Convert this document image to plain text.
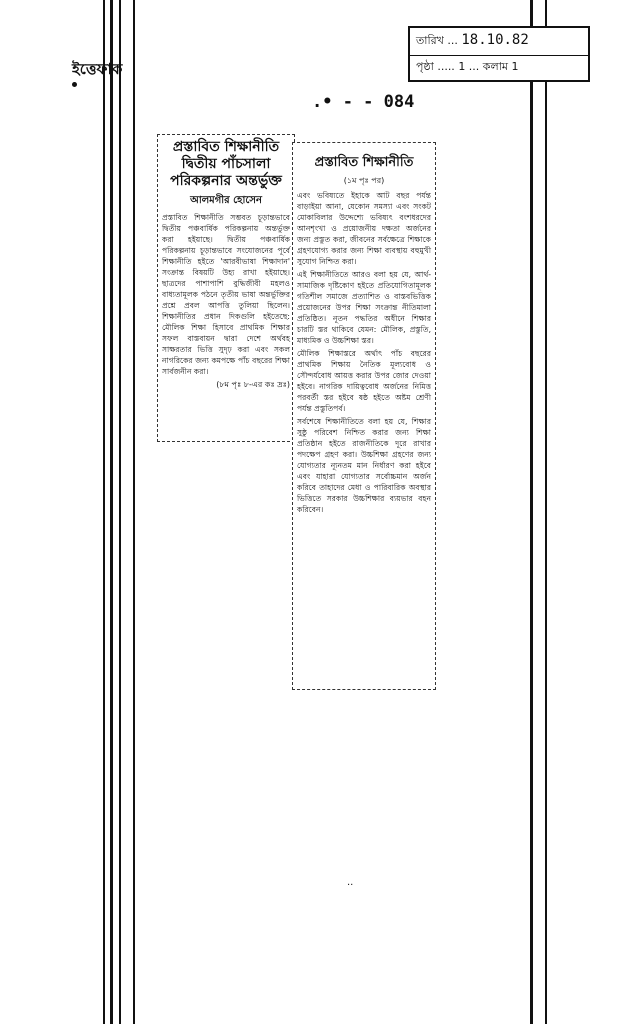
তারিখ ... 18.10.82
পৃষ্ঠা ..... 1 ... কলাম 1
ইত্তেফাক
.• - - 084
প্রস্তাবিত শিক্ষানীতি দ্বিতীয় পাঁচসালা পরিকল্পনার অন্তর্ভুক্ত
আলমগীর হোসেন

প্রস্তাবিত শিক্ষানীতি সম্ভবত চূড়ান্তভাবে দ্বিতীয় পঞ্চবার্ষিক পরিকল্পনায় অন্তর্ভুক্ত করা হইয়াছে। দ্বিতীয় পঞ্চবার্ষিক পরিকল্পনায় চূড়ান্তভাবে সংযোজনের পূর্বে শিক্ষানীতি হইতে 'আরবীভাষা শিক্ষাদান' সংক্রান্ত বিষয়টি উহ্য রাখা হইয়াছে। ছাত্রদের পাশাপাশি বুদ্ধিজীবী মহলও বাধ্যতামূলক পঠনে তৃতীয় ভাষা অন্তর্ভুক্তির প্রশ্নে প্রবল আপত্তি তুলিয়া ছিলেন। শিক্ষানীতির প্রধান দিকগুলি হইতেছে: মৌলিক শিক্ষা হিসাবে প্রাথমিক শিক্ষার সফল বাস্তবায়ন দ্বারা দেশে অর্থবহ সাক্ষরতার ভিত্তি সুদৃঢ় করা এবং সকল নাগরিকের জন্য কমপক্ষে পাঁচ বছরের শিক্ষা সার্বজনীন করা।

(৮ম পৃঃ ৮-এর কঃ দ্রঃ)
প্রস্তাবিত শিক্ষানীতি
(১ম পৃঃ পর)

এবং ভবিষ্যতে ইহাকে আট বছর পর্যন্ত বাড়াইয়া আনা, যেকোন সমস্যা এবং সংকট মোকাবিলার উদ্দেশ্যে ভবিষ্যৎ বংশধরদের আনশৃংখা ও প্রয়োজনীয় দক্ষতা অর্জনের জন্য প্রস্তুত করা, জীবনের সর্বক্ষেত্রে শিক্ষাকে গ্রহণযোগ্য করার জন্য শিক্ষা ব্যবস্থায় বহুমুখী সুযোগ নিশ্চিত করা।

এই শিক্ষানীতিতে আরও বলা হয় যে, আর্থ-সামাজিক দৃষ্টিকোণ হইতে প্রতিযোগিতামূলক গতিশীল সমাজে প্রত্যাশিত ও বাস্তবভিত্তিক প্রয়োজনের উপর শিক্ষা সংক্রান্ত নীতিমালা প্রতিষ্ঠিত। নূতন পদ্ধতির অধীনে শিক্ষার চারটি স্তর থাকিবে যেমন: মৌলিক, প্রস্তুতি, মাধ্যমিক ও উচ্চশিক্ষা স্তর।

মৌলিক শিক্ষাস্তরে অর্থাৎ পাঁচ বছরের প্রাথমিক শিক্ষায় নৈতিক মূল্যবোধ ও সৌন্দর্যবোধ আয়ত্ত করার উপর জোর দেওয়া হইবে। নাগরিক দায়িত্ববোধ অর্জনের নিমিত্ত পরবর্তী স্তর হইবে ষষ্ঠ হইতে অষ্টম শ্রেণী পর্যন্ত প্রস্তুতিপর্ব।

সর্বশেষে শিক্ষানীতিতে বলা হয় যে, শিক্ষার সুষ্ঠু পরিবেশ নিশ্চিত করার জন্য শিক্ষা প্রতিষ্ঠান হইতে রাজনীতিকে দূরে রাখার পদক্ষেপ গ্রহণ করা। উচ্চশিক্ষা গ্রহণের জন্য যোগ্যতার ন্যূনতম মান নির্ধারণ করা হইবে এবং যাহারা যোগ্যতার সর্বোচ্চমান অর্জন করিবে তাহাদের মেধা ও পারিবারিক অবস্থার ভিত্তিতে সরকার উচ্চশিক্ষার ব্যয়ভার বহন করিবেন।

··
